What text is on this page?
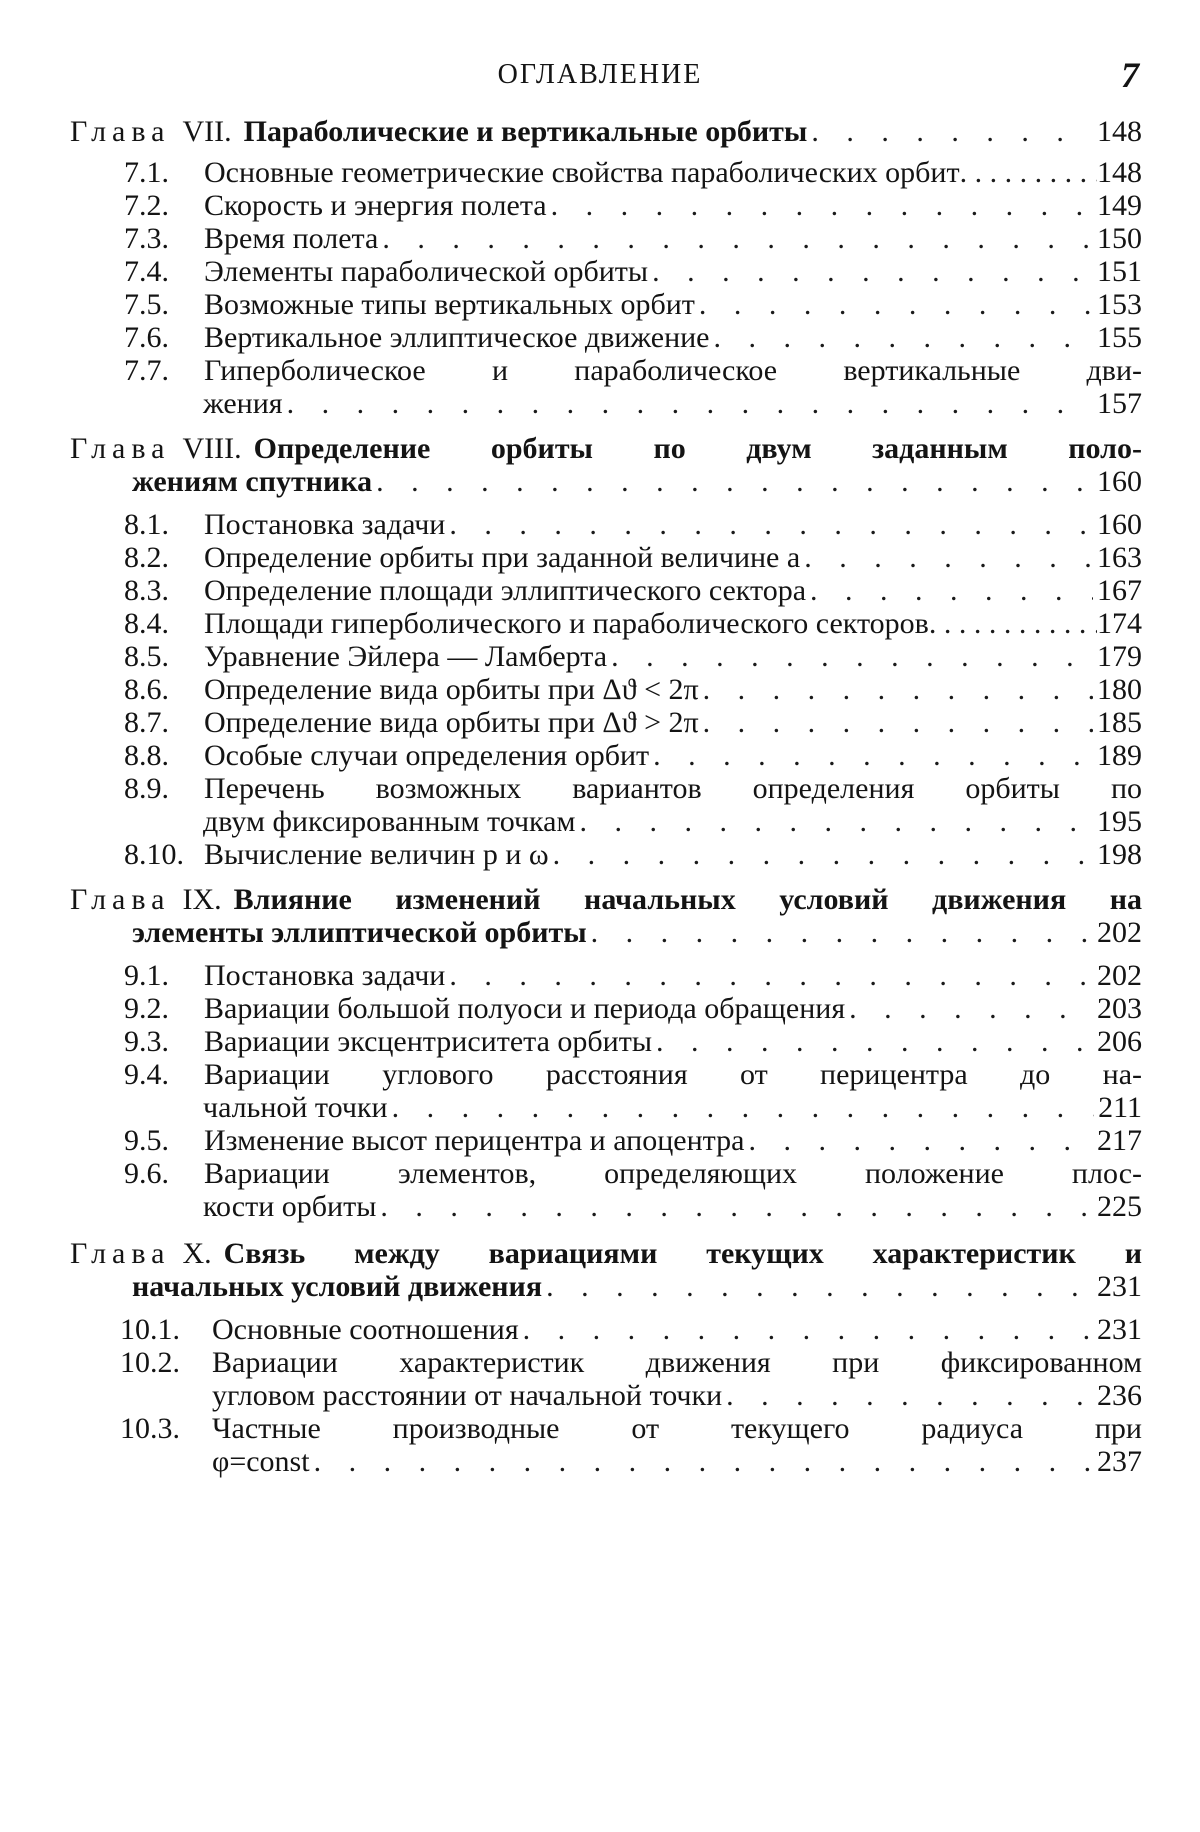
ОГЛАВЛЕНИЕ	7
Глава VII. Параболические и вертикальные орбиты . . .	148
7.1.	Основные геометрические свойства параболических орбит . . .	148
7.2.	Скорость и энергия полета . . .	149
7.3.	Время полета . . .	150
7.4.	Элементы параболической орбиты . . .	151
7.5.	Возможные типы вертикальных орбит . . .	153
7.6.	Вертикальное эллиптическое движение . . .	155
7.7.	Гиперболическое и параболическое вертикальные дви-
жения . . .	157
Глава VIII. Определение орбиты по двум заданным поло-
жениям спутника . . .	160
8.1.	Постановка задачи . . .	160
8.2.	Определение орбиты при заданной величине a . . .	163
8.3.	Определение площади эллиптического сектора . . .	167
8.4.	Площади гиперболического и параболического секторов . . .	174
8.5.	Уравнение Эйлера — Ламберта . . .	179
8.6.	Определение вида орбиты при Δϑ < 2π . . .	180
8.7.	Определение вида орбиты при Δϑ > 2π . . .	185
8.8.	Особые случаи определения орбит . . .	189
8.9.	Перечень возможных вариантов определения орбиты по
двум фиксированным точкам . . .	195
8.10. Вычисление величин p и ω . . .	198
Глава IX. Влияние изменений начальных условий движения на
элементы эллиптической орбиты . . .	202
9.1.	Постановка задачи . . .	202
9.2.	Вариации большой полуоси и периода обращения . . .	203
9.3.	Вариации эксцентриситета орбиты . . .	206
9.4.	Вариации углового расстояния от перицентра до на-
чальной точки . . .	211
9.5.	Изменение высот перицентра и апоцентра . . .	217
9.6.	Вариации элементов, определяющих положение плос-
кости орбиты . . .	225
Глава X. Связь между вариациями текущих характеристик и
начальных условий движения . . .	231
10.1.	Основные соотношения . . .	231
10.2.	Вариации характеристик движения при фиксированном
угловом расстоянии от начальной точки . . .	236
10.3.	Частные производные от текущего радиуса при
φ=const . . .	237
